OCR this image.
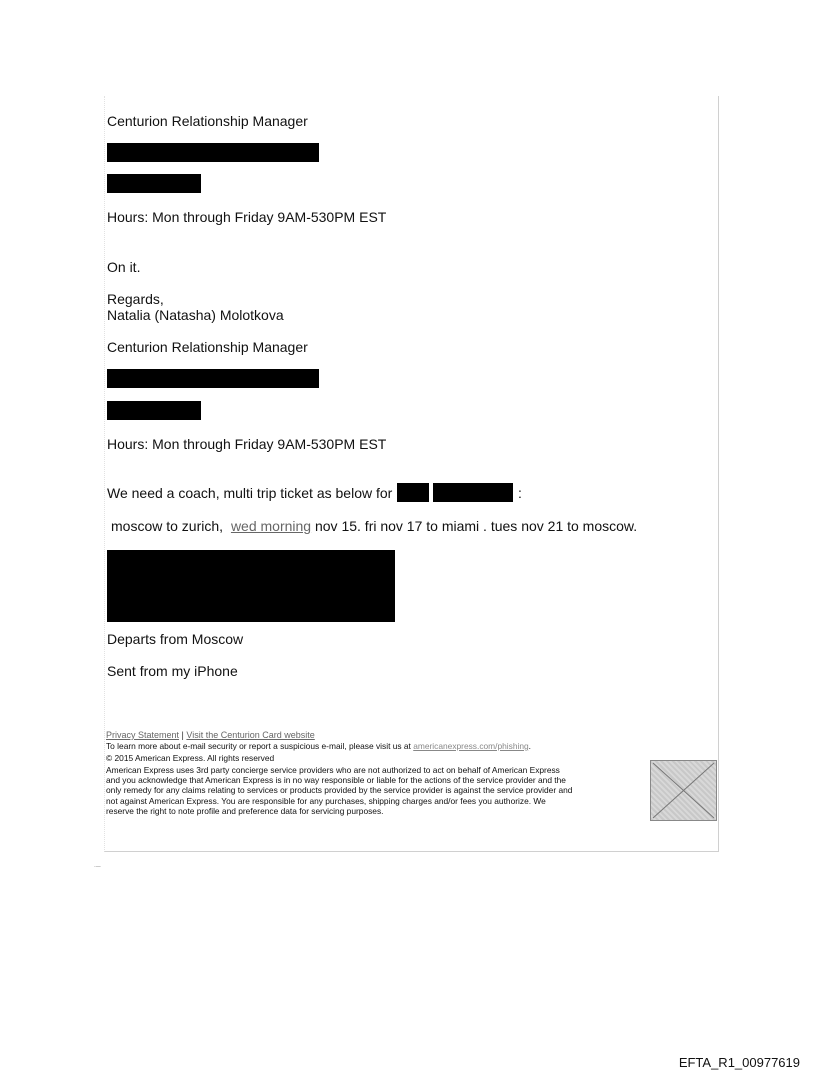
Centurion Relationship Manager
Hours: Mon through Friday 9AM-530PM EST
On it.
Regards,
Natalia (Natasha) Molotkova
Centurion Relationship Manager
Hours: Mon through Friday 9AM-530PM EST
We need a coach, multi trip ticket as below for	:
moscow to zurich, wed morning nov 15. fri nov 17 to miami . tues nov 21 to moscow.
Departs from Moscow
Sent from my iPhone
Privacy Statement | Visit the Centurion Card website
To learn more about e-mail security or report a suspicious e-mail, please visit us at americanexpress.com/phishing.
© 2015 American Express. All rights reserved
American Express uses 3rd party concierge service providers who are not authorized to act on behalf of American Express
and you acknowledge that American Express is in no way responsible or liable for the actions of the service provider and the
only remedy for any claims relating to services or products provided by the service provider is against the service provider and
not against American Express. You are responsible for any purchases, shipping charges and/or fees you authorize. We
reserve the right to note profile and preference data for servicing purposes.
·—
EFTA_R1_00977619
